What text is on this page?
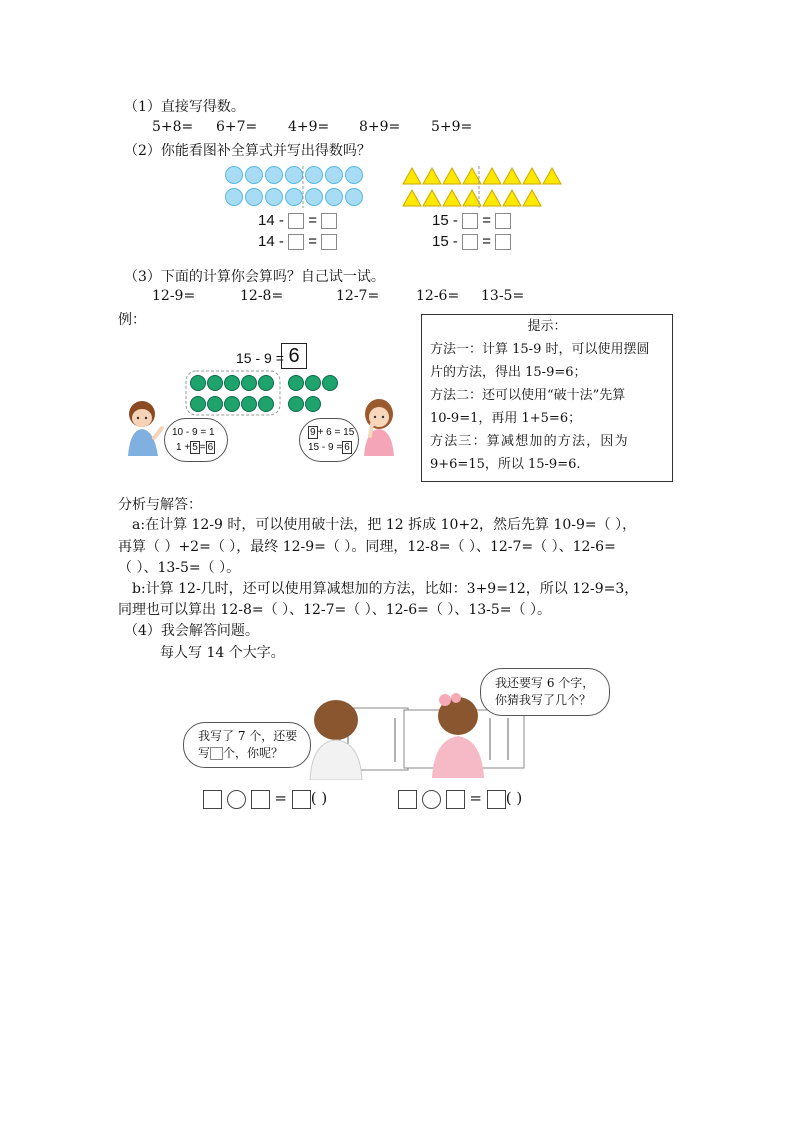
（1）直接写得数。
5+8= 6+7= 4+9= 8+9= 5+9=
（2）你能看图补全算式并写出得数吗？
14 - =
14 - =
15 - =
15 - =
（3）下面的计算你会算吗？自己试一试。
12-9=	12-8=	12-7=	12-6= 13-5=
例：
15 - 9 = 6
10 - 9 = 1
1 + 5 = 6
9 + 6 = 15
15 - 9 = 6
提示：
方法一：计算 15-9 时，可以使用摆圆
片的方法，得出 15-9=6；
方法二：还可以使用“破十法”先算
10-9=1，再用 1+5=6；
方法三：算减想加的方法，因为
9+6=15，所以 15-9=6.
分析与解答：
a:在计算 12-9 时，可以使用破十法，把 12 拆成 10+2，然后先算 10-9=（ ），
再算（ ）+2=（ ），最终 12-9=（ ）。同理，12-8=（ ）、12-7=（ ）、12-6=
（ ）、13-5=（ ）。
b:计算 12-几时，还可以使用算减想加的方法，比如：3+9=12，所以 12-9=3，
同理也可以算出 12-8=（ ）、12-7=（ ）、12-6=（ ）、13-5=（ ）。
（4）我会解答问题。
每人写 14 个大字。
我写了 7 个，还要
写 个，你呢？
我还要写 6 个字，
你猜我写了几个？
= ( )	= ( )
